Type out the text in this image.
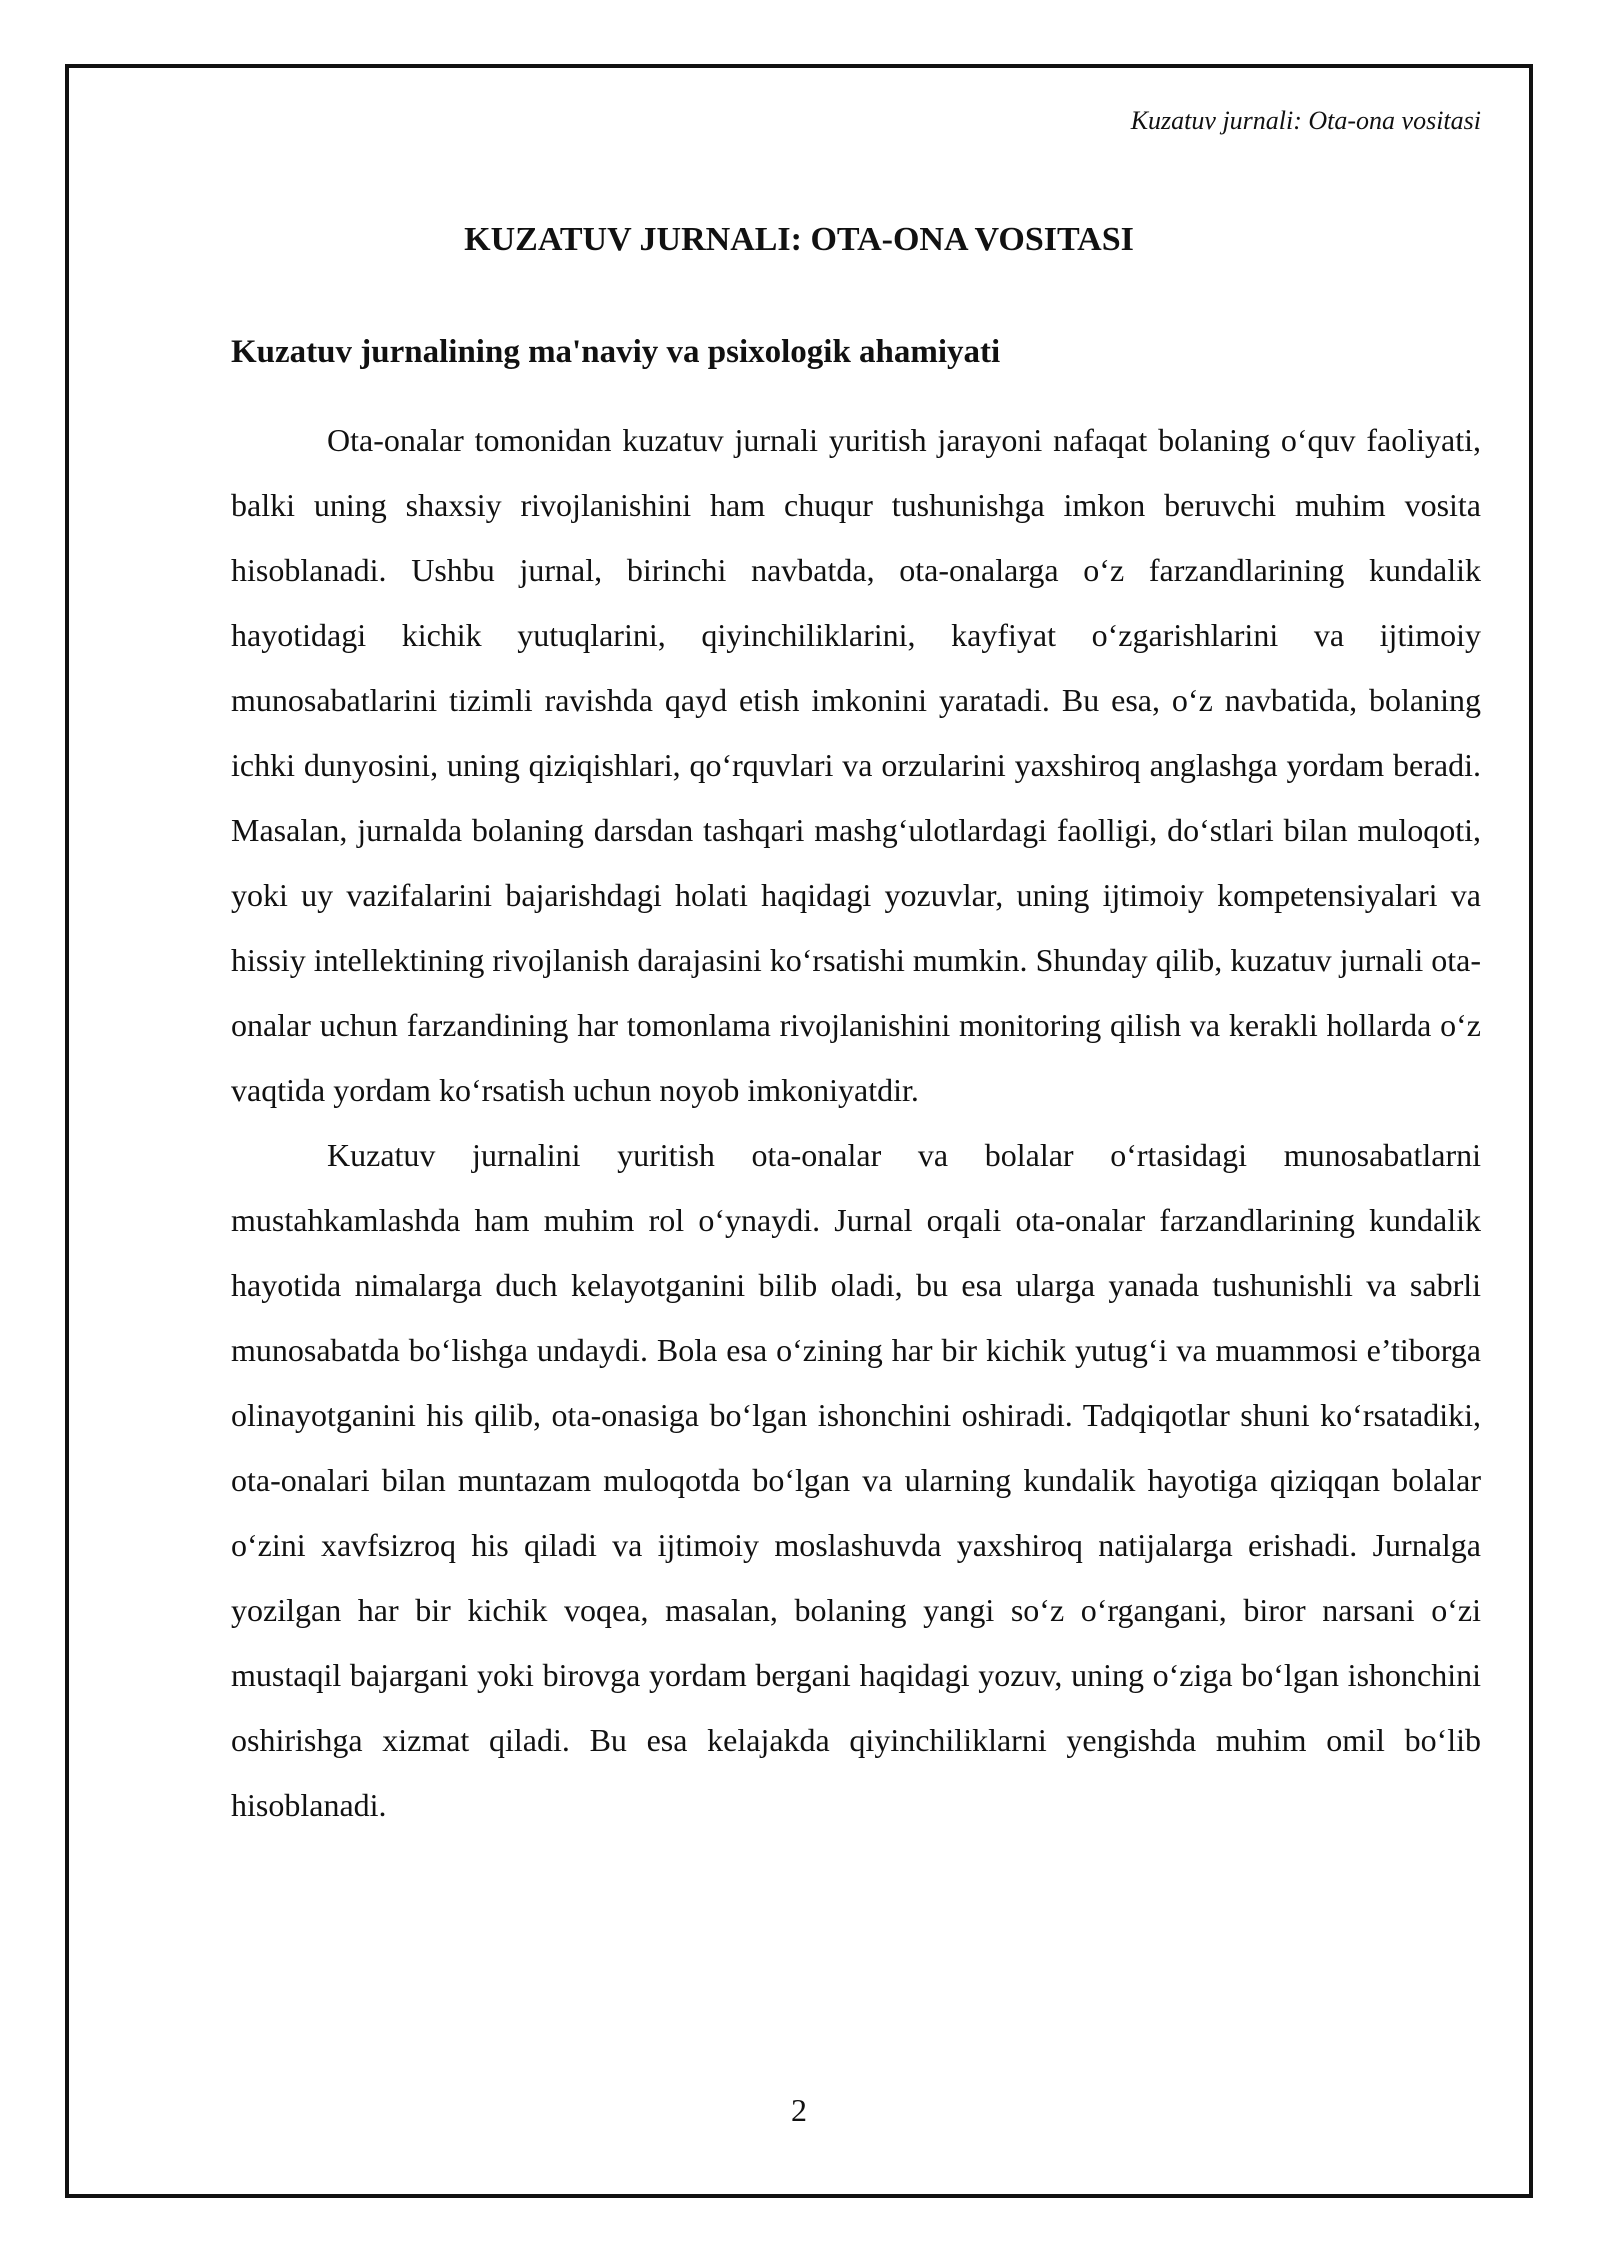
Kuzatuv jurnali: Ota-ona vositasi
KUZATUV JURNALI: OTA-ONA VOSITASI
Kuzatuv jurnalining ma'naviy va psixologik ahamiyati

Ota-onalar tomonidan kuzatuv jurnali yuritish jarayoni nafaqat bolaning o‘quv faoliyati, balki uning shaxsiy rivojlanishini ham chuqur tushunishga imkon beruvchi muhim vosita hisoblanadi. Ushbu jurnal, birinchi navbatda, ota-onalarga o‘z farzandlarining kundalik hayotidagi kichik yutuqlarini, qiyinchiliklarini, kayfiyat o‘zgarishlarini va ijtimoiy munosabatlarini tizimli ravishda qayd etish imkonini yaratadi. Bu esa, o‘z navbatida, bolaning ichki dunyosini, uning qiziqishlari, qo‘rquvlari va orzularini yaxshiroq anglashga yordam beradi. Masalan, jurnalda bolaning darsdan tashqari mashg‘ulotlardagi faolligi, do‘stlari bilan muloqoti, yoki uy vazifalarini bajarishdagi holati haqidagi yozuvlar, uning ijtimoiy kompetensiyalari va hissiy intellektining rivojlanish darajasini ko‘rsatishi mumkin. Shunday qilib, kuzatuv jurnali ota-onalar uchun farzandining har tomonlama rivojlanishini monitoring qilish va kerakli hollarda o‘z vaqtida yordam ko‘rsatish uchun noyob imkoniyatdir.

Kuzatuv jurnalini yuritish ota-onalar va bolalar o‘rtasidagi munosabatlarni mustahkamlashda ham muhim rol o‘ynaydi. Jurnal orqali ota-onalar farzandlarining kundalik hayotida nimalarga duch kelayotganini bilib oladi, bu esa ularga yanada tushunishli va sabrli munosabatda bo‘lishga undaydi. Bola esa o‘zining har bir kichik yutug‘i va muammosi e’tiborga olinayotganini his qilib, ota-onasiga bo‘lgan ishonchini oshiradi. Tadqiqotlar shuni ko‘rsatadiki, ota-onalari bilan muntazam muloqotda bo‘lgan va ularning kundalik hayotiga qiziqqan bolalar o‘zini xavfsizroq his qiladi va ijtimoiy moslashuvda yaxshiroq natijalarga erishadi. Jurnalga yozilgan har bir kichik voqea, masalan, bolaning yangi so‘z o‘rgangani, biror narsani o‘zi mustaqil bajargani yoki birovga yordam bergani haqidagi yozuv, uning o‘ziga bo‘lgan ishonchini oshirishga xizmat qiladi. Bu esa kelajakda qiyinchiliklarni yengishda muhim omil bo‘lib hisoblanadi.

2
